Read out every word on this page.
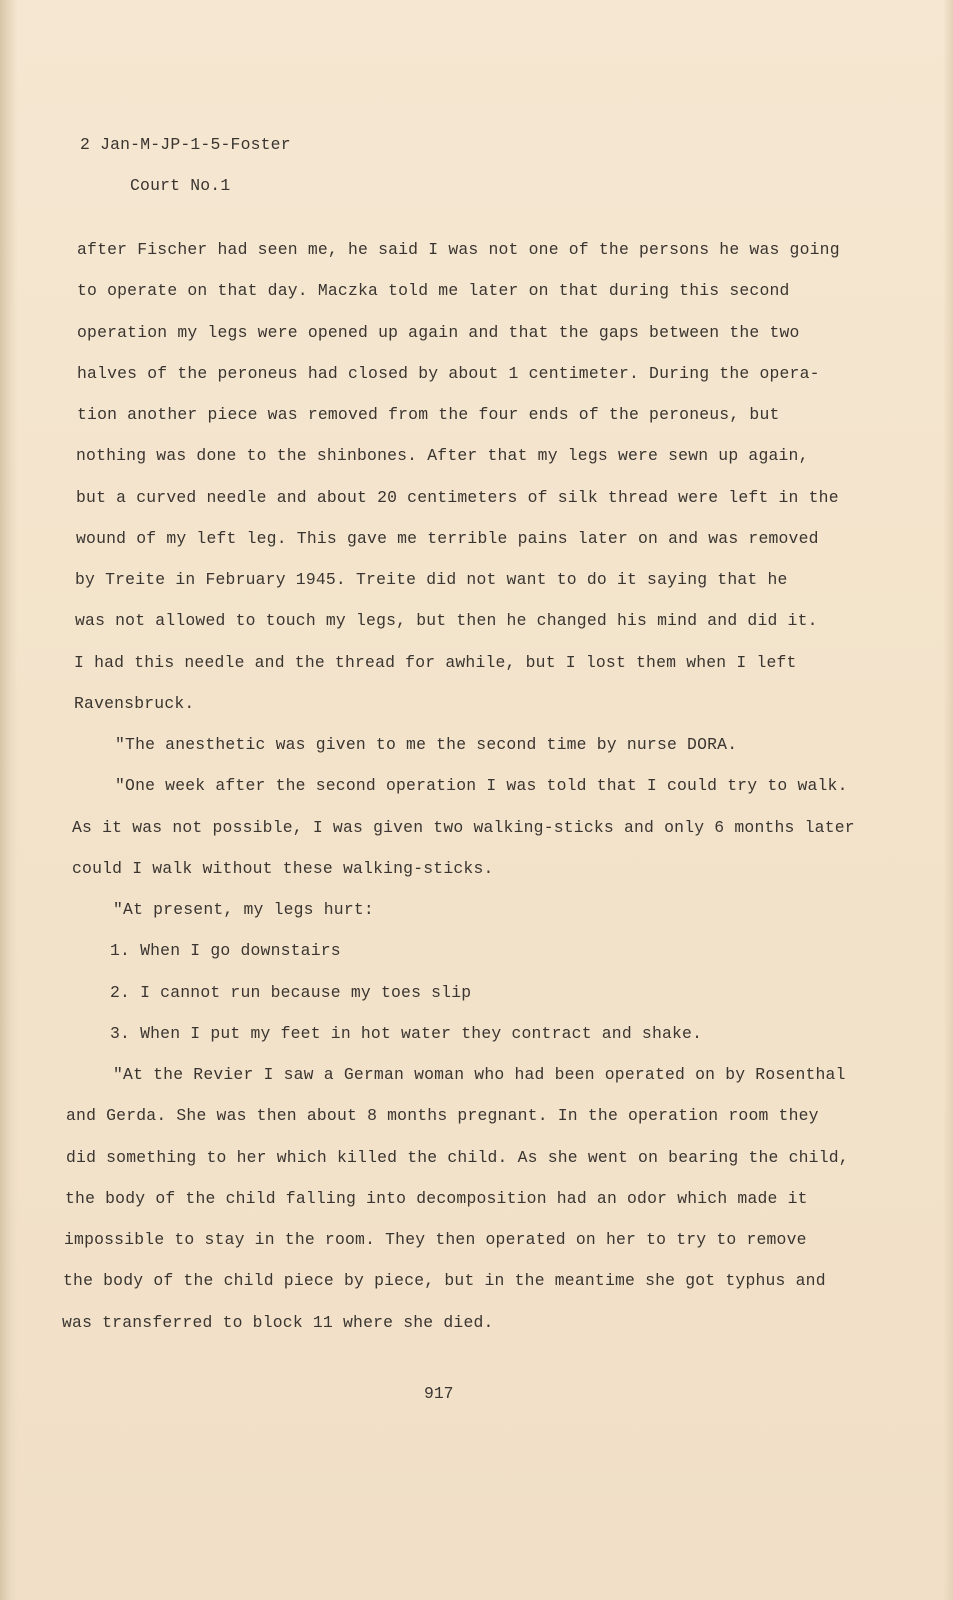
2 Jan-M-JP-1-5-Foster
Court No.1
after Fischer had seen me, he said I was not one of the persons he was going
to operate on that day. Maczka told me later on that during this second
operation my legs were opened up again and that the gaps between the two
halves of the peroneus had closed by about 1 centimeter. During the opera-
tion another piece was removed from the four ends of the peroneus, but
nothing was done to the shinbones. After that my legs were sewn up again,
but a curved needle and about 20 centimeters of silk thread were left in the
wound of my left leg. This gave me terrible pains later on and was removed
by Treite in February 1945. Treite did not want to do it saying that he
was not allowed to touch my legs, but then he changed his mind and did it.
I had this needle and the thread for awhile, but I lost them when I left
Ravensbruck.
"The anesthetic was given to me the second time by nurse DORA.
"One week after the second operation I was told that I could try to walk.
As it was not possible, I was given two walking-sticks and only 6 months later
could I walk without these walking-sticks.
"At present, my legs hurt:
1. When I go downstairs
2. I cannot run because my toes slip
3. When I put my feet in hot water they contract and shake.
"At the Revier I saw a German woman who had been operated on by Rosenthal
and Gerda. She was then about 8 months pregnant. In the operation room they
did something to her which killed the child. As she went on bearing the child,
the body of the child falling into decomposition had an odor which made it
impossible to stay in the room. They then operated on her to try to remove
the body of the child piece by piece, but in the meantime she got typhus and
was transferred to block 11 where she died.
917
